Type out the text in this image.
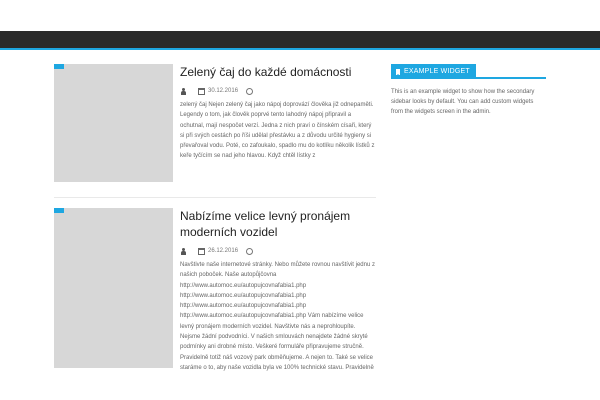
Zelený čaj do každé domácnosti
30.12.2016

zelený čaj Nejen zelený čaj jako nápoj doprovází člověka již odnepaměti. Legendy o tom, jak člověk poprvé tento lahodný nápoj připravil a ochutnal, mají nespočet verzí. Jedna z nich praví o čínském císaři, který si při svých cestách po říši udělal přestávku a z důvodu určité hygieny si převařoval vodu. Poté, co zafoukalo, spadlo mu do kotlíku několik lístků z keře tyčícím se nad jeho hlavou. Když chtěl lístky z

Nabízíme velice levný pronájem moderních vozidel
26.12.2016

Navštivte naše internetové stránky. Nebo můžete rovnou navštívit jednu z našich poboček. Naše autopůjčovna http://www.automoc.eu/autopujcovnafabia1.php http://www.automoc.eu/autopujcovnafabia1.php http://www.automoc.eu/autopujcovnafabia1.php http://www.automoc.eu/autopujcovnafabia1.php Vám nabízíme velice levný pronájem moderních vozidel. Navštivte nás a neprohloupíte. Nejsme žádní podvodníci. V našich smlouvách nenajdete žádné skryté podmínky ani drobné místo. Veškeré formuláře připravujeme stručně. Pravidelně totiž náš vozový park obměňujeme. A nejen to. Také se velice staráme o to, aby naše vozidla byla ve 100% technické stavu. Pravidelně

EXAMPLE WIDGET

This is an example widget to show how the secondary sidebar looks by default. You can add custom widgets from the widgets screen in the admin.
